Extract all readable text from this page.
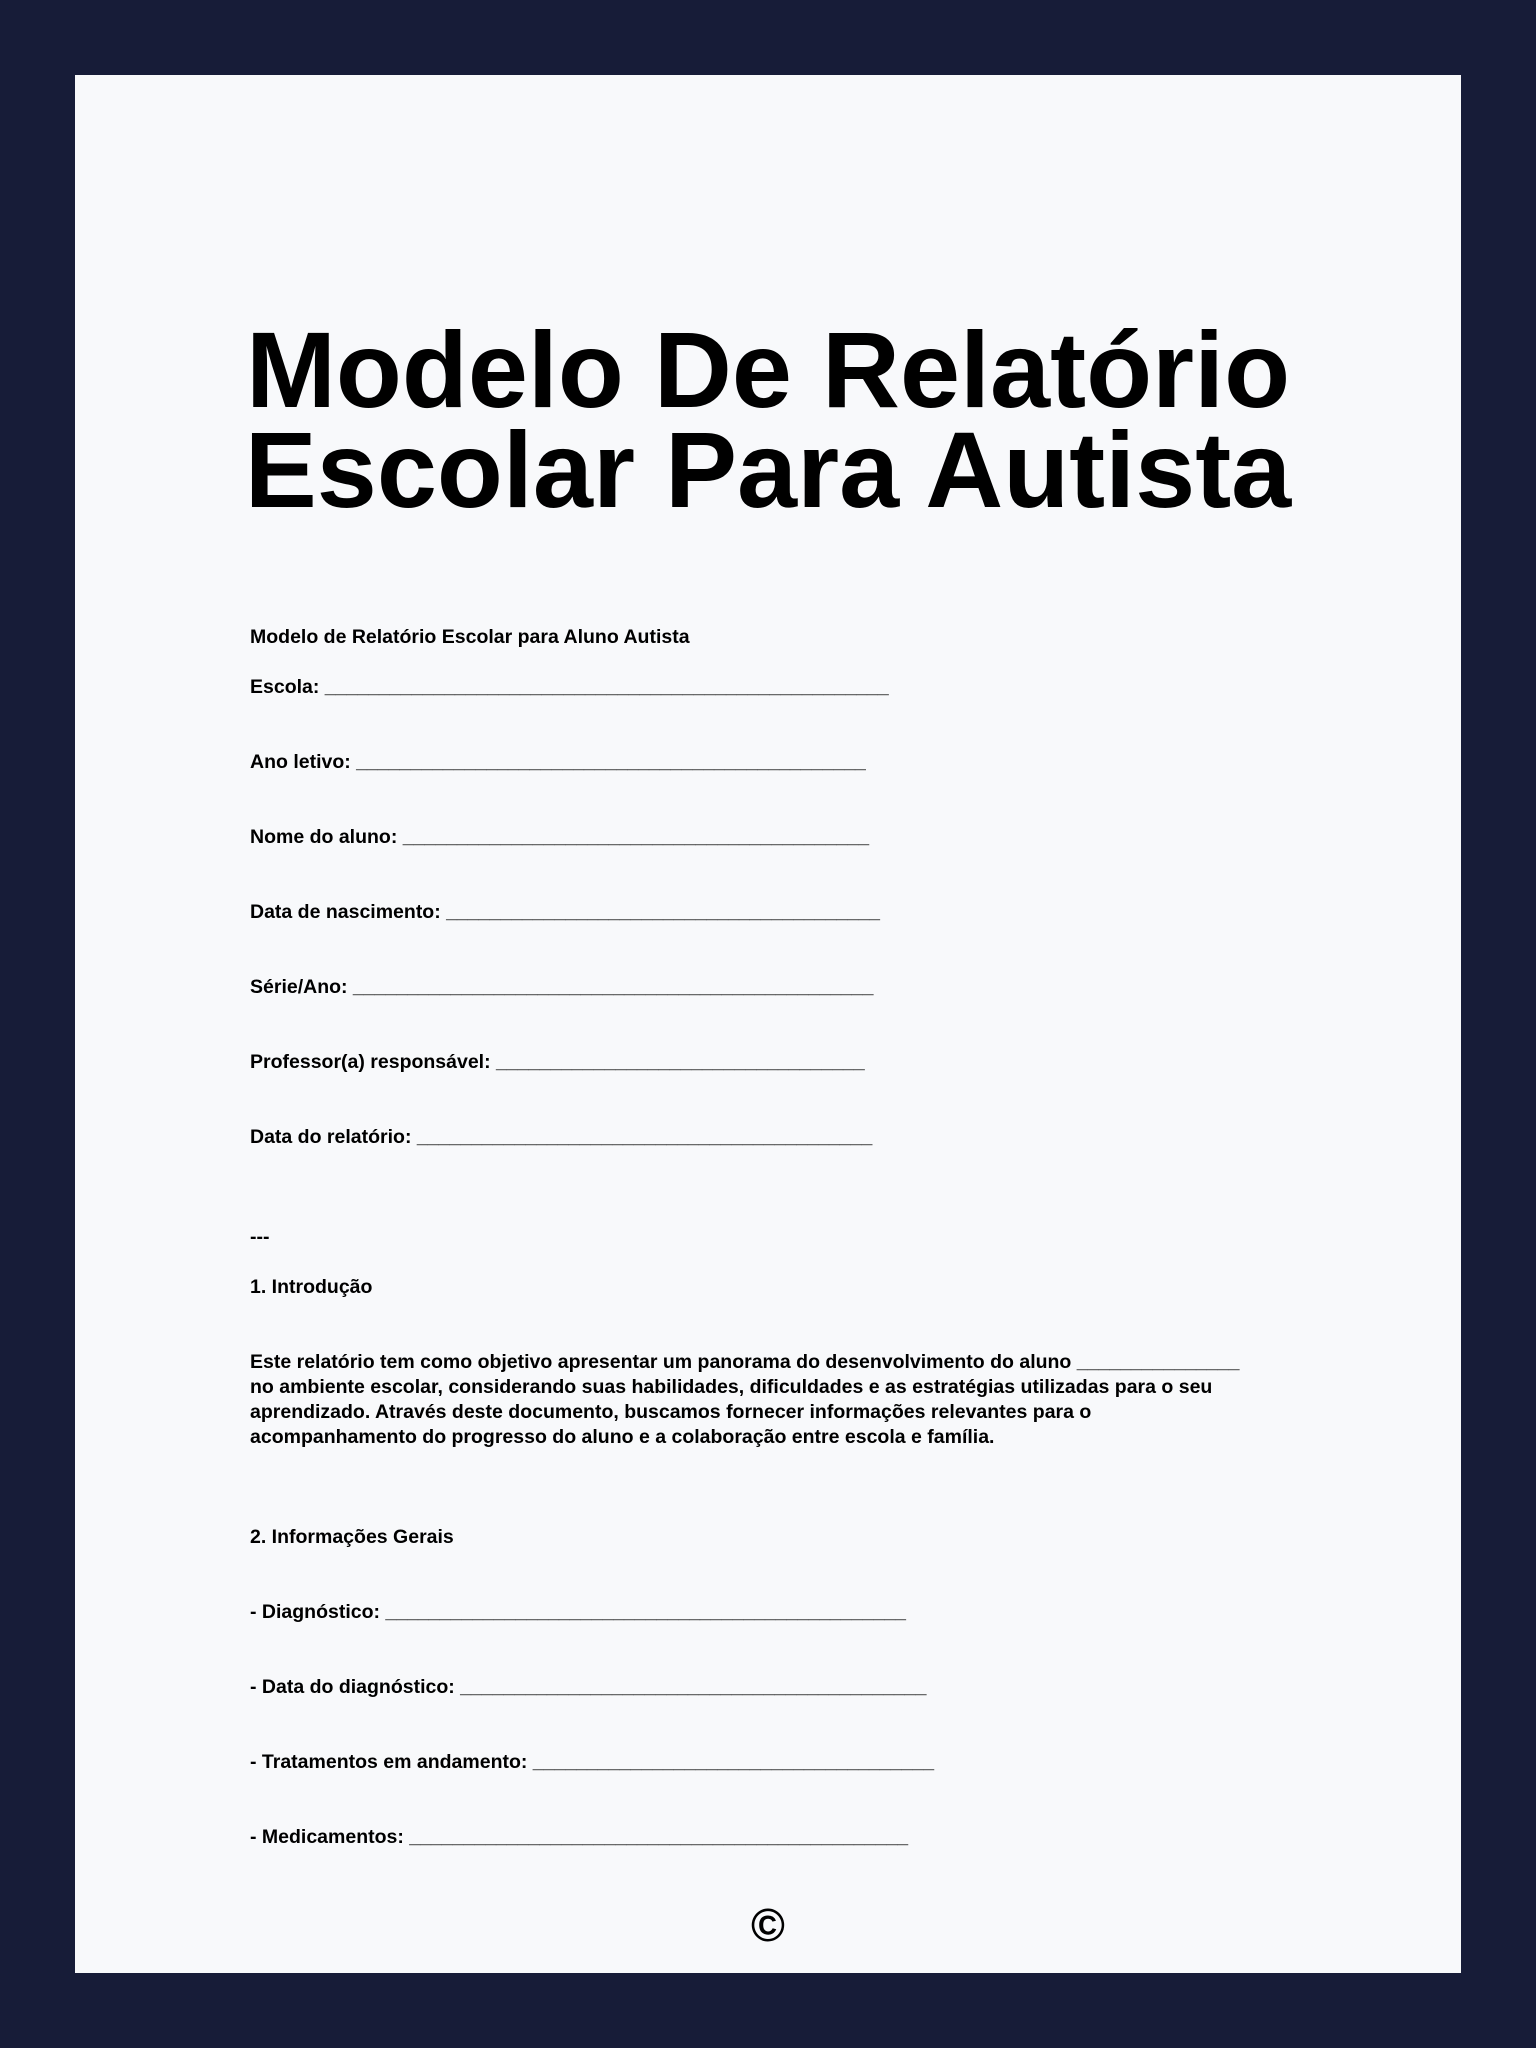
Modelo De Relatório Escolar Para Autista
Modelo de Relatório Escolar para Aluno Autista
Escola: ____________________________________________________
Ano letivo: _______________________________________________
Nome do aluno: ___________________________________________
Data de nascimento: ________________________________________
Série/Ano: ________________________________________________
Professor(a) responsável: __________________________________
Data do relatório: __________________________________________
---
1. Introdução
Este relatório tem como objetivo apresentar um panorama do desenvolvimento do aluno _______________
no ambiente escolar, considerando suas habilidades, dificuldades e as estratégias utilizadas para o seu
aprendizado. Através deste documento, buscamos fornecer informações relevantes para o
acompanhamento do progresso do aluno e a colaboração entre escola e família.
2. Informações Gerais
- Diagnóstico: ________________________________________________
- Data do diagnóstico: ___________________________________________
- Tratamentos em andamento: _____________________________________
- Medicamentos: ______________________________________________
©
